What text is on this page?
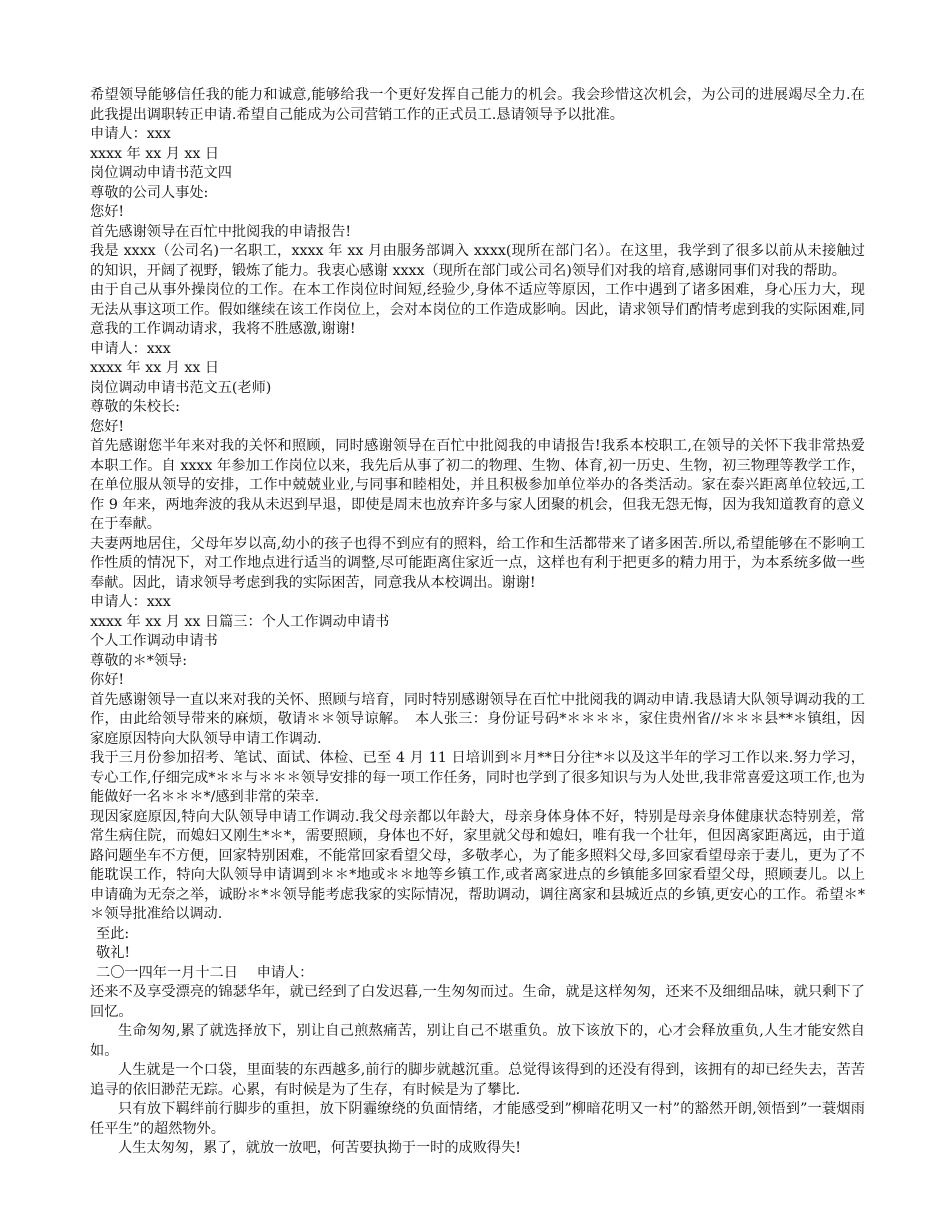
希望领导能够信任我的能力和诚意,能够给我一个更好发挥自己能力的机会。我会珍惜这次机会，为公司的进展竭尽全力.在此我提出调职转正申请.希望自己能成为公司营销工作的正式员工.恳请领导予以批准。

申请人：xxx

xxxx 年 xx 月 xx 日

岗位调动申请书范文四

尊敬的公司人事处:

您好!

首先感谢领导在百忙中批阅我的申请报告!

我是 xxxx（公司名)一名职工，xxxx 年 xx 月由服务部调入 xxxx(现所在部门名）。在这里，我学到了很多以前从未接触过的知识，开阔了视野，锻炼了能力。我衷心感谢 xxxx（现所在部门或公司名)领导们对我的培育,感谢同事们对我的帮助。

由于自己从事外操岗位的工作。在本工作岗位时间短,经验少,身体不适应等原因，工作中遇到了诸多困难，身心压力大，现无法从事这项工作。假如继续在该工作岗位上，会对本岗位的工作造成影响。因此，请求领导们酌情考虑到我的实际困难,同意我的工作调动请求，我将不胜感激,谢谢!

申请人：xxx

xxxx 年 xx 月 xx 日

岗位调动申请书范文五(老师)

尊敬的朱校长:

您好!

首先感谢您半年来对我的关怀和照顾，同时感谢领导在百忙中批阅我的申请报告!我系本校职工,在领导的关怀下我非常热爱本职工作。自 xxxx 年参加工作岗位以来，我先后从事了初二的物理、生物、体育,初一历史、生物，初三物理等教学工作，在单位服从领导的安排，工作中兢兢业业,与同事和睦相处，并且积极参加单位举办的各类活动。家在泰兴距离单位较远,工作 9 年来，两地奔波的我从未迟到早退，即使是周末也放弃许多与家人团聚的机会，但我无怨无悔，因为我知道教育的意义在于奉献。

夫妻两地居住，父母年岁以高,幼小的孩子也得不到应有的照料，给工作和生活都带来了诸多困苦.所以,希望能够在不影响工作性质的情况下，对工作地点进行适当的调整,尽可能距离住家近一点，这样也有利于把更多的精力用于，为本系统多做一些奉献。因此，请求领导考虑到我的实际困苦，同意我从本校调出。谢谢!

申请人：xxx

xxxx 年 xx 月 xx 日篇三：个人工作调动申请书

个人工作调动申请书

尊敬的＊*领导:

你好!

首先感谢领导一直以来对我的关怀、照顾与培育，同时特别感谢领导在百忙中批阅我的调动申请.我恳请大队领导调动我的工作，由此给领导带来的麻烦，敬请＊＊领导谅解。　本人张三：身份证号码*＊＊＊＊，家住贵州省//＊＊＊县**＊镇组，因家庭原因特向大队领导申请工作调动.

我于三月份参加招考、笔试、面试、体检、已至 4 月 11 日培训到＊月**日分往*＊以及这半年的学习工作以来.努力学习，专心工作,仔细完成*＊＊与＊＊＊领导安排的每一项工作任务，同时也学到了很多知识与为人处世,我非常喜爱这项工作,也为能做好一名＊＊＊*/感到非常的荣幸.

现因家庭原因,特向大队领导申请工作调动.我父母亲都以年龄大，母亲身体身体不好，特别是母亲身体健康状态特别差，常常生病住院，而媳妇又刚生*＊*，需要照顾，身体也不好，家里就父母和媳妇，唯有我一个壮年，但因离家距离远，由于道路问题坐车不方便，回家特别困难，不能常回家看望父母，多敬孝心，为了能多照料父母,多回家看望母亲于妻儿，更为了不能耽误工作，特向大队领导申请调到＊＊*地或＊＊地等乡镇工作,或者离家进点的乡镇能多回家看望父母，照顾妻儿。以上申请确为无奈之举，诚盼＊*＊领导能考虑我家的实际情况，帮助调动，调往离家和县城近点的乡镇,更安心的工作。希望＊*＊领导批准给以调动.

至此:

敬礼!

二〇一四年一月十二日　 申请人：

还来不及享受漂亮的锦瑟华年，就已经到了白发迟暮,一生匆匆而过。生命，就是这样匆匆，还来不及细细品味，就只剩下了回忆。

生命匆匆,累了就选择放下，别让自己煎熬痛苦，别让自己不堪重负。放下该放下的，心才会释放重负,人生才能安然自如。

人生就是一个口袋，里面装的东西越多,前行的脚步就越沉重。总觉得该得到的还没有得到，该拥有的却已经失去，苦苦追寻的依旧渺茫无踪。心累，有时候是为了生存，有时候是为了攀比.

只有放下羁绊前行脚步的重担，放下阴霾缭绕的负面情绪，才能感受到”柳暗花明又一村”的豁然开朗,领悟到”一蓑烟雨任平生”的超然物外。

人生太匆匆，累了，就放一放吧，何苦要执拗于一时的成败得失!
